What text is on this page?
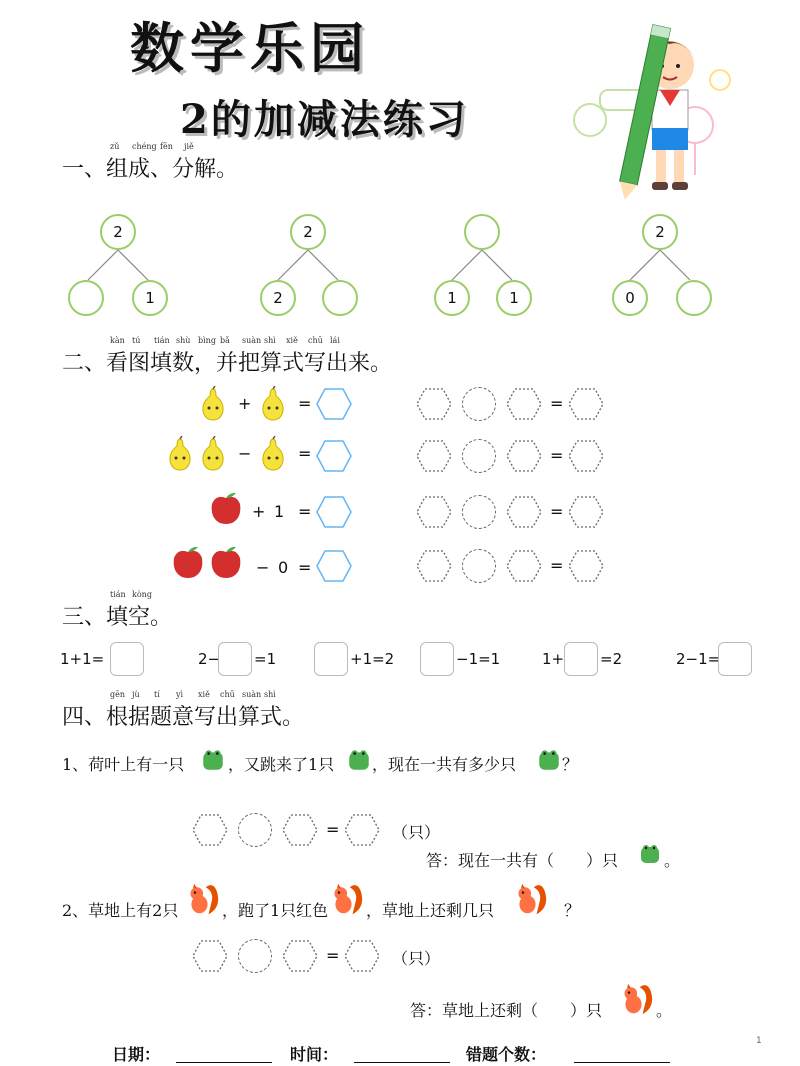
数学乐园
2的加减法练习
一、组成、分解。
zǔ chéng fēn jiě
2
1
2
2	1	1
2
0
二、看图填数，并把算式写出来。
kàn tú tián shù bìng bǎ suàn shì xiě chū lái
+	=
−	=
+ 1 =
− 0 =
=
=
=
=
三、填空。
tián kòng
1+1=	2− =1	+1=2	−1=1	1+ =2	2−1=
四、根据题意写出算式。
gēn jù tí yì xiě chū suàn shì
1、荷叶上有一只	，又跳来了1只 ，现在一共有多少只	？
=	（只）
答：现在一共有（　　）只	。
2、草地上有2只	，跑了1只红色 ，草地上还剩几只	？
=	（只）
答：草地上还剩（　　）只	。
日期：	时间：	错题个数：
1
